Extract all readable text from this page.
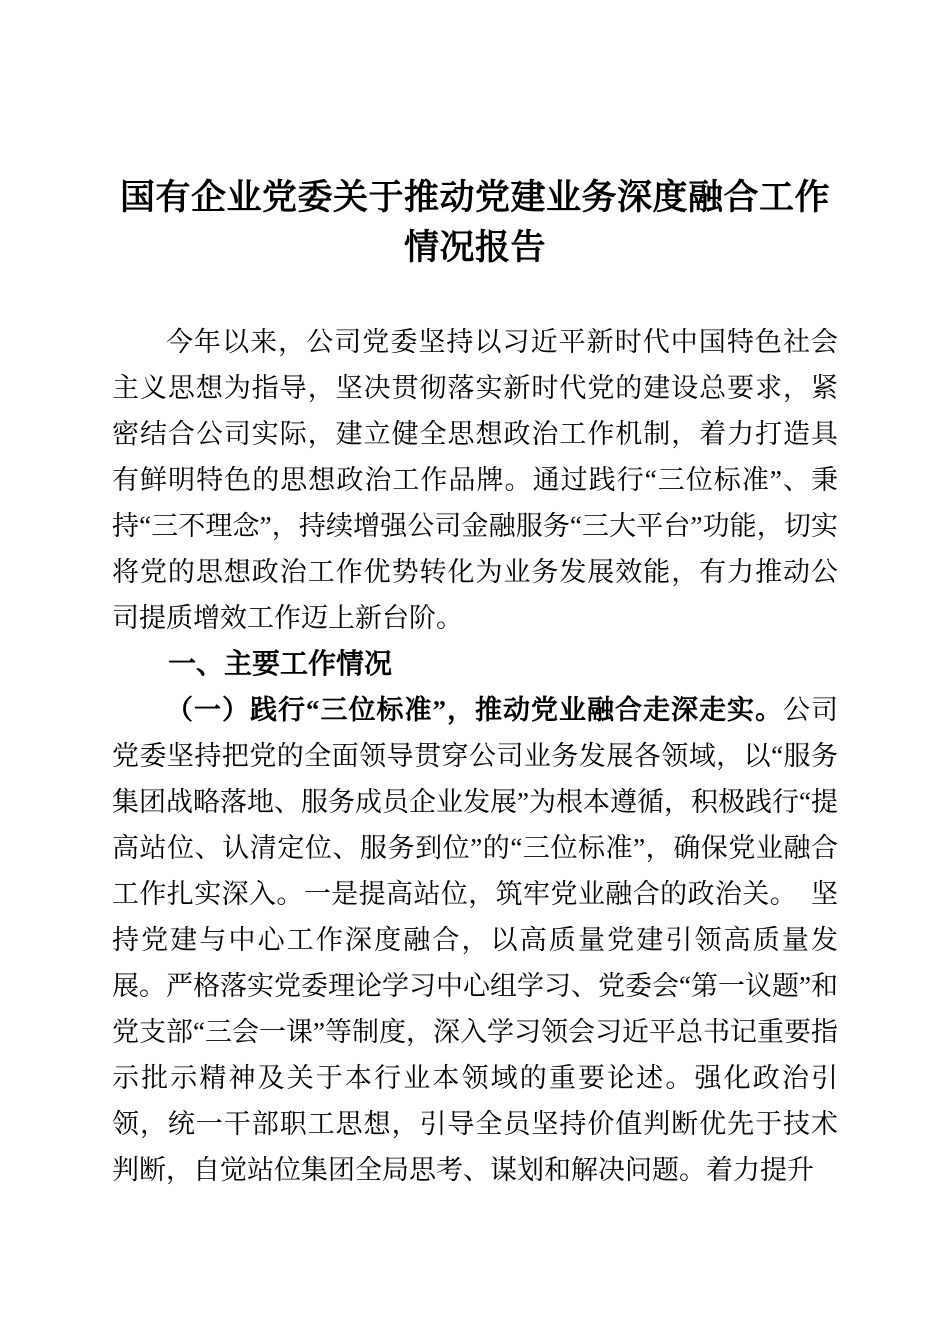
国有企业党委关于推动党建业务深度融合工作情况报告

今年以来，公司党委坚持以习近平新时代中国特色社会主义思想为指导，坚决贯彻落实新时代党的建设总要求，紧密结合公司实际，建立健全思想政治工作机制，着力打造具有鲜明特色的思想政治工作品牌。通过践行“三位标准”、秉持“三不理念”，持续增强公司金融服务“三大平台”功能，切实将党的思想政治工作优势转化为业务发展效能，有力推动公司提质增效工作迈上新台阶。

一、主要工作情况

（一）践行“三位标准”，推动党业融合走深走实。公司党委坚持把党的全面领导贯穿公司业务发展各领域，以“服务集团战略落地、服务成员企业发展”为根本遵循，积极践行“提高站位、认清定位、服务到位”的“三位标准”，确保党业融合工作扎实深入。一是提高站位，筑牢党业融合的政治关。　坚持党建与中心工作深度融合，以高质量党建引领高质量发展。严格落实党委理论学习中心组学习、党委会“第一议题”和党支部“三会一课”等制度，深入学习领会习近平总书记重要指示批示精神及关于本行业本领域的重要论述。强化政治引领，统一干部职工思想，引导全员坚持价值判断优先于技术判断，自觉站位集团全局思考、谋划和解决问题。着力提升
